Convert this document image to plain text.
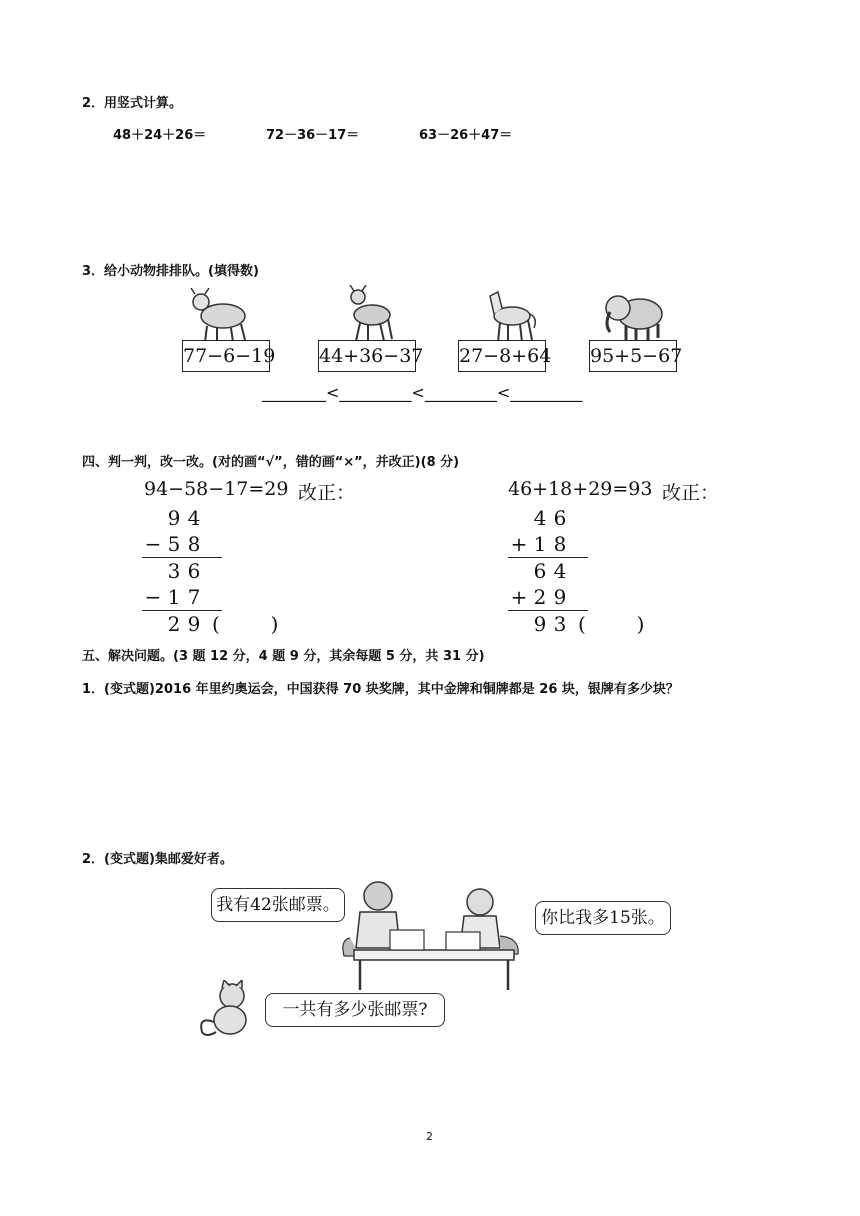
2．用竖式计算。
48＋24＋26＝	72－36－17＝	63－26＋47＝
3．给小动物排排队。(填得数)
77−6−19 44+36−37 27−8+64 95+5−67
________<_________<_________<_________
四、判一判，改一改。(对的画“√”，错的画“×”，并改正)(8 分)
94−58−17=29 改正：
9 4
− 5 8
3 6
− 1 7
2 9 (        )
46+18+29=93 改正：
4 6
+ 1 8
6 4
+ 2 9
9 3 (        )
五、解决问题。(3 题 12 分，4 题 9 分，其余每题 5 分，共 31 分)
1．(变式题)2016 年里约奥运会，中国获得 70 块奖牌，其中金牌和铜牌都是 26 块，银牌有多少块？
2．(变式题)集邮爱好者。
我有42张邮票。
你比我多15张。
一共有多少张邮票?
2
